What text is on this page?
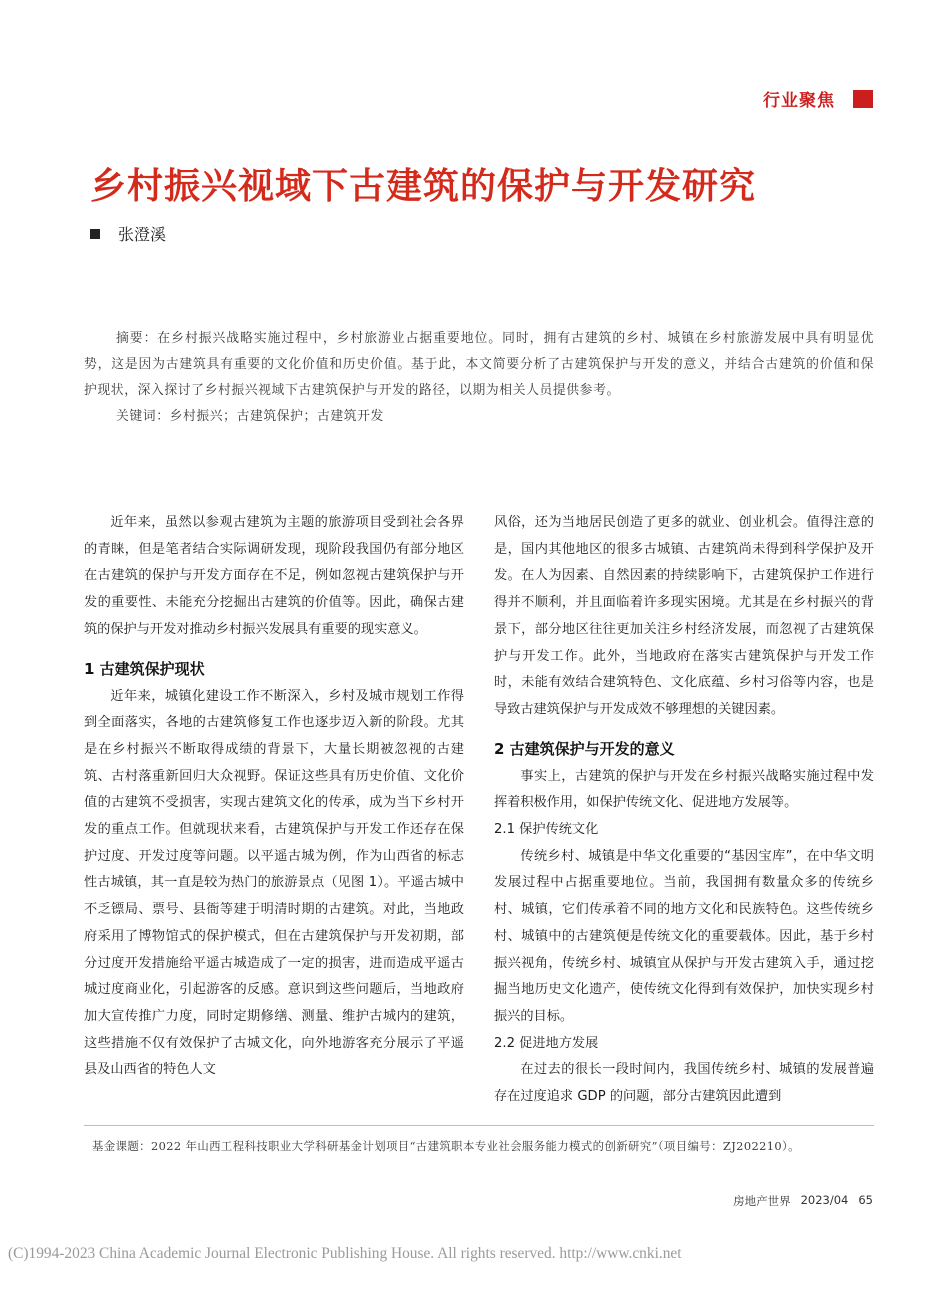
行业聚焦
乡村振兴视域下古建筑的保护与开发研究
张澄溪

摘要：在乡村振兴战略实施过程中，乡村旅游业占据重要地位。同时，拥有古建筑的乡村、城镇在乡村旅游发展中具有明显优势，这是因为古建筑具有重要的文化价值和历史价值。基于此，本文简要分析了古建筑保护与开发的意义，并结合古建筑的价值和保护现状，深入探讨了乡村振兴视域下古建筑保护与开发的路径，以期为相关人员提供参考。

关键词：乡村振兴；古建筑保护；古建筑开发

近年来，虽然以参观古建筑为主题的旅游项目受到社会各界的青睐，但是笔者结合实际调研发现，现阶段我国仍有部分地区在古建筑的保护与开发方面存在不足，例如忽视古建筑保护与开发的重要性、未能充分挖掘出古建筑的价值等。因此，确保古建筑的保护与开发对推动乡村振兴发展具有重要的现实意义。

1 古建筑保护现状

近年来，城镇化建设工作不断深入，乡村及城市规划工作得到全面落实，各地的古建筑修复工作也逐步迈入新的阶段。尤其是在乡村振兴不断取得成绩的背景下，大量长期被忽视的古建筑、古村落重新回归大众视野。保证这些具有历史价值、文化价值的古建筑不受损害，实现古建筑文化的传承，成为当下乡村开发的重点工作。但就现状来看，古建筑保护与开发工作还存在保护过度、开发过度等问题。以平遥古城为例，作为山西省的标志性古城镇，其一直是较为热门的旅游景点（见图 1）。平遥古城中不乏镖局、票号、县衙等建于明清时期的古建筑。对此，当地政府采用了博物馆式的保护模式，但在古建筑保护与开发初期，部分过度开发措施给平遥古城造成了一定的损害，进而造成平遥古城过度商业化，引起游客的反感。意识到这些问题后，当地政府加大宣传推广力度，同时定期修缮、测量、维护古城内的建筑，这些措施不仅有效保护了古城文化，向外地游客充分展示了平遥县及山西省的特色人文

风俗，还为当地居民创造了更多的就业、创业机会。值得注意的是，国内其他地区的很多古城镇、古建筑尚未得到科学保护及开发。在人为因素、自然因素的持续影响下，古建筑保护工作进行得并不顺利，并且面临着许多现实困境。尤其是在乡村振兴的背景下，部分地区往往更加关注乡村经济发展，而忽视了古建筑保护与开发工作。此外，当地政府在落实古建筑保护与开发工作时，未能有效结合建筑特色、文化底蕴、乡村习俗等内容，也是导致古建筑保护与开发成效不够理想的关键因素。

2 古建筑保护与开发的意义

事实上，古建筑的保护与开发在乡村振兴战略实施过程中发挥着积极作用，如保护传统文化、促进地方发展等。

2.1 保护传统文化

传统乡村、城镇是中华文化重要的“基因宝库”，在中华文明发展过程中占据重要地位。当前，我国拥有数量众多的传统乡村、城镇，它们传承着不同的地方文化和民族特色。这些传统乡村、城镇中的古建筑便是传统文化的重要载体。因此，基于乡村振兴视角，传统乡村、城镇宜从保护与开发古建筑入手，通过挖掘当地历史文化遗产，使传统文化得到有效保护，加快实现乡村振兴的目标。

2.2 促进地方发展

在过去的很长一段时间内，我国传统乡村、城镇的发展普遍存在过度追求 GDP 的问题，部分古建筑因此遭到

基金课题：2022 年山西工程科技职业大学科研基金计划项目“古建筑职本专业社会服务能力模式的创新研究”（项目编号：ZJ202210）。
房地产世界 2023/04 65
(C)1994-2023 China Academic Journal Electronic Publishing House. All rights reserved. http://www.cnki.net
